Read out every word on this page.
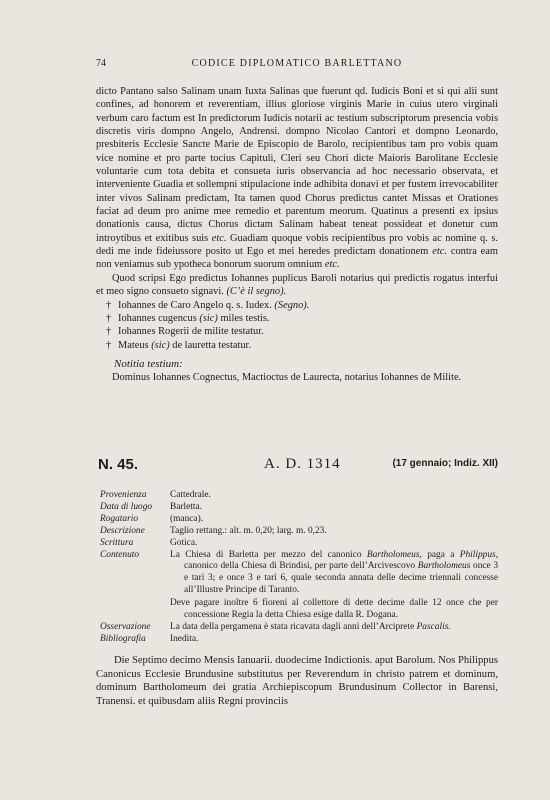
74	CODICE DIPLOMATICO BARLETTANO

dicto Pantano salso Salinam unam Iuxta Salinas que fuerunt qd. Iudicis Boni et si qui alii sunt confines, ad honorem et reverentiam, illius gloriose virginis Marie in cuius utero virginali verbum caro factum est In predictorum Iudicis notarii ac testium subscriptorum presencia vobis discretis viris dompno Angelo, Andrensi. dompno Nicolao Cantori et dompno Leonardo, presbiteris Ecclesie Sancte Marie de Episcopio de Barolo, recipientibus tam pro vobis quam vice nomine et pro parte tocius Capituli, Cleri seu Chori dicte Maioris Barolitane Ecclesie voluntarie cum tota debita et consueta iuris observancia ad hoc necessario observata, et interveniente Guadia et sollempni stipulacione inde adhibita donavi et per fustem irrevocabiliter inter vivos Salinam predictam, Ita tamen quod Chorus predictus cantet Missas et Orationes faciat ad deum pro anime mee remedio et parentum meorum. Quatinus a presenti ex ipsius donationis causa, dictus Chorus dictam Salinam habeat teneat possideat et donetur cum introytibus et exitibus suis etc. Guadiam quoque vobis recipientibus pro vobis ac nomine q. s. dedi me inde fideiussore posito ut Ego et mei heredes predictam donationem etc. contra eam non veniamus sub ypotheca bonorum suorum omnium etc.

Quod scripsi Ego predictus Iohannes puplicus Baroli notarius qui predictis rogatus interfui et meo signo consueto signavi. (C’è il segno).

† Iohannes de Caro Angelo q. s. Iudex. (Segno).
† Iohannes cugencus (sic) miles testis.
† Iohannes Rogerii de milite testatur.
† Mateus (sic) de lauretta testatur.
Notitia testium:

Dominus Iohannes Cognectus, Mactioctus de Laurecta, notarius Iohannes de Milite.

N. 45.	A. D. 1314	(17 gennaio; Indiz. XII)
Provenienza	Cattedrale.
Data di luogo	Barletta.
Rogatario	(manca).
Descrizione	Taglio rettang.: alt. m. 0,20; larg. m. 0,23.
Scrittura	Gotica.
Contenuto	La Chiesa di Barletta per mezzo del canonico Bartholomeus, paga a Philippus, canonico della Chiesa di Brindisi, per parte dell’Arcivescovo Bartholomeus once 3 e tarì 3; e once 3 e tarì 6, quale seconda annata delle decime triennali concesse all’Illustre Principe di Taranto.

Deve pagare inoltre 6 fioreni al collettore di dette decime dalle 12 once che per concessione Regia la detta Chiesa esige dalla R. Dogana.

Osservazione	La data della pergamena è stata ricavata dagli anni dell’Arciprete Pascalis.
Bibliografia	Inedita.

Die Septimo decimo Mensis Ianuarii. duodecime Indictionis. aput Barolum. Nos Philippus Canonicus Ecclesie Brundusine substitutus per Reverendum in christo patrem et dominum, dominum Bartholomeum dei gratia Archiepiscopum Brundusinum Collector in Barensi, Tranensi. et quibusdam aliis Regni provinciis
